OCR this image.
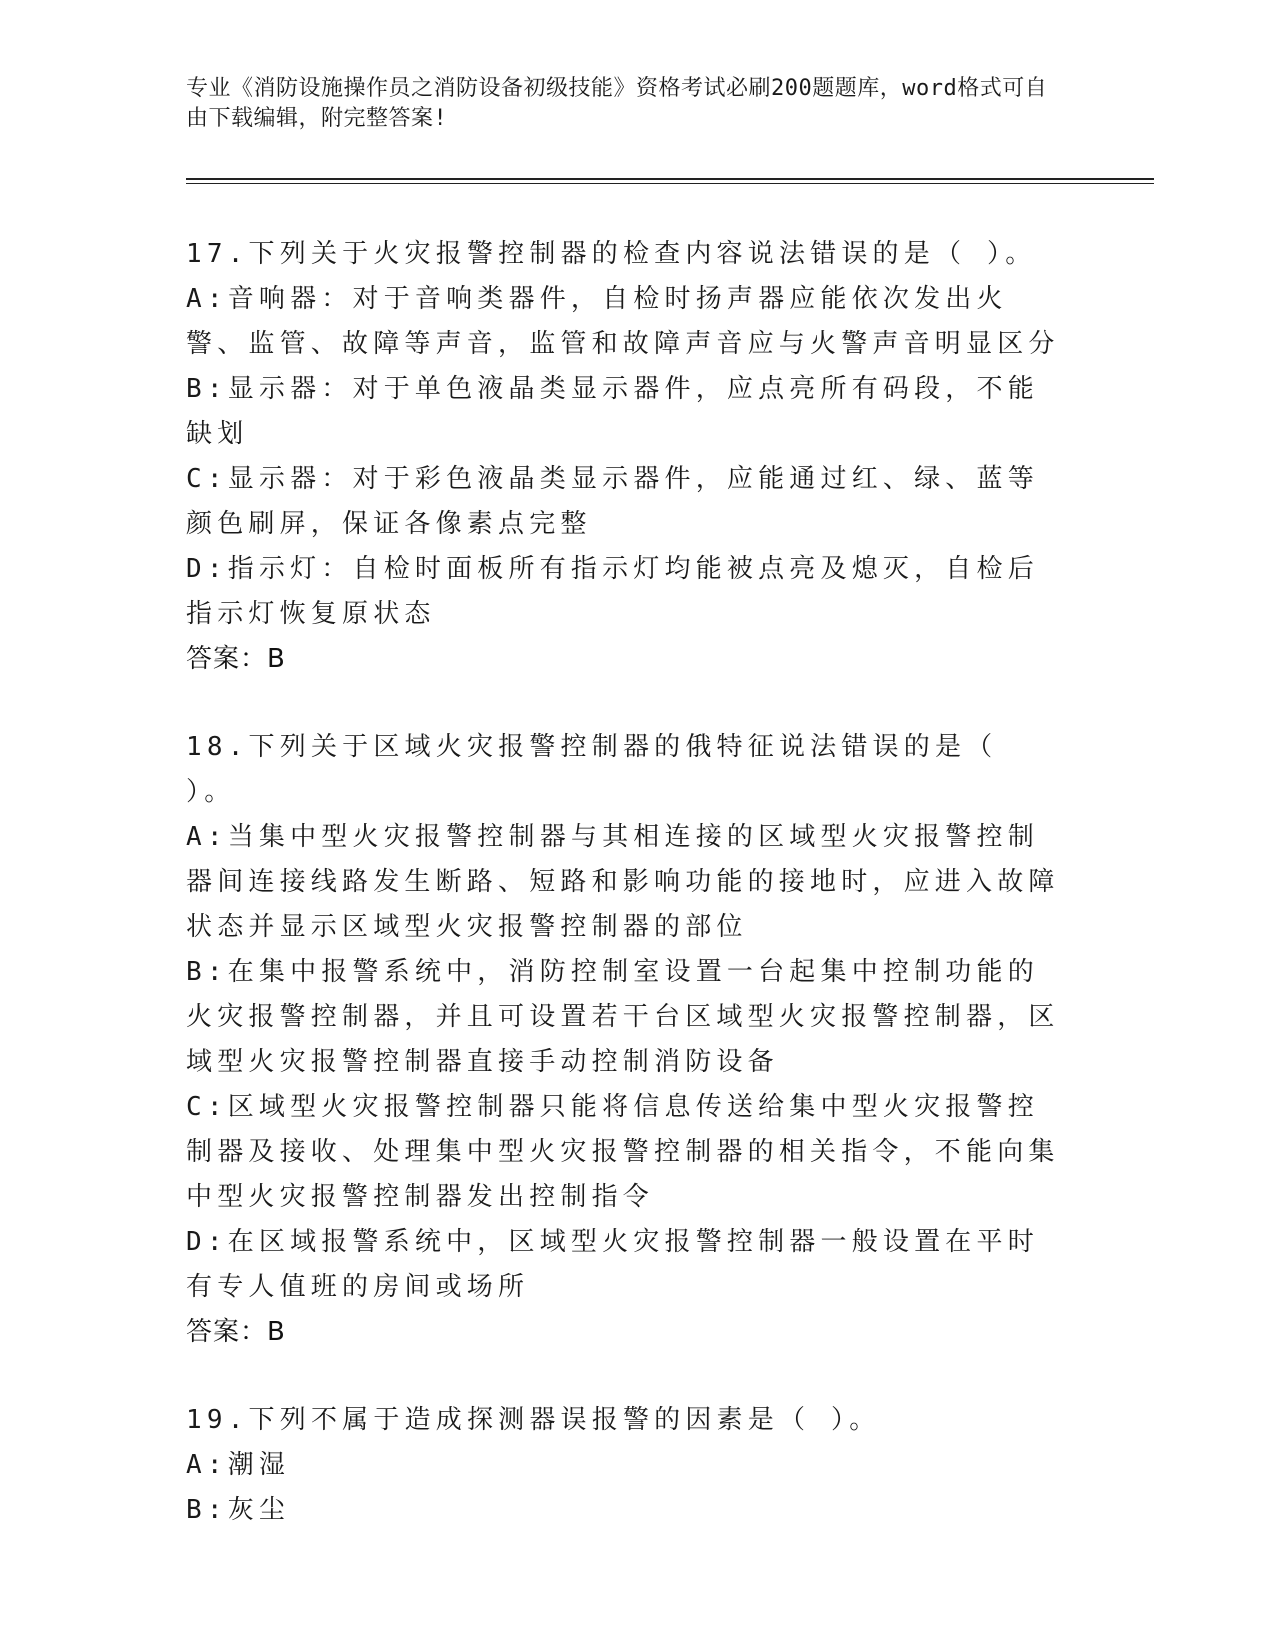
专业《消防设施操作员之消防设备初级技能》资格考试必刷200题题库，word格式可自由下载编辑，附完整答案!

17.下列关于火灾报警控制器的检查内容说法错误的是（ ）。

A:音响器：对于音响类器件，自检时扬声器应能依次发出火警、监管、故障等声音，监管和故障声音应与火警声音明显区分

B:显示器：对于单色液晶类显示器件，应点亮所有码段，不能缺划

C:显示器：对于彩色液晶类显示器件，应能通过红、绿、蓝等颜色刷屏，保证各像素点完整

D:指示灯：自检时面板所有指示灯均能被点亮及熄灭，自检后指示灯恢复原状态

答案：B

18.下列关于区域火灾报警控制器的俄特征说法错误的是（ ）。

A:当集中型火灾报警控制器与其相连接的区域型火灾报警控制器间连接线路发生断路、短路和影响功能的接地时，应进入故障状态并显示区域型火灾报警控制器的部位

B:在集中报警系统中，消防控制室设置一台起集中控制功能的火灾报警控制器，并且可设置若干台区域型火灾报警控制器，区域型火灾报警控制器直接手动控制消防设备

C:区域型火灾报警控制器只能将信息传送给集中型火灾报警控制器及接收、处理集中型火灾报警控制器的相关指令，不能向集中型火灾报警控制器发出控制指令

D:在区域报警系统中，区域型火灾报警控制器一般设置在平时有专人值班的房间或场所

答案：B

19.下列不属于造成探测器误报警的因素是（ ）。

A:潮湿

B:灰尘
